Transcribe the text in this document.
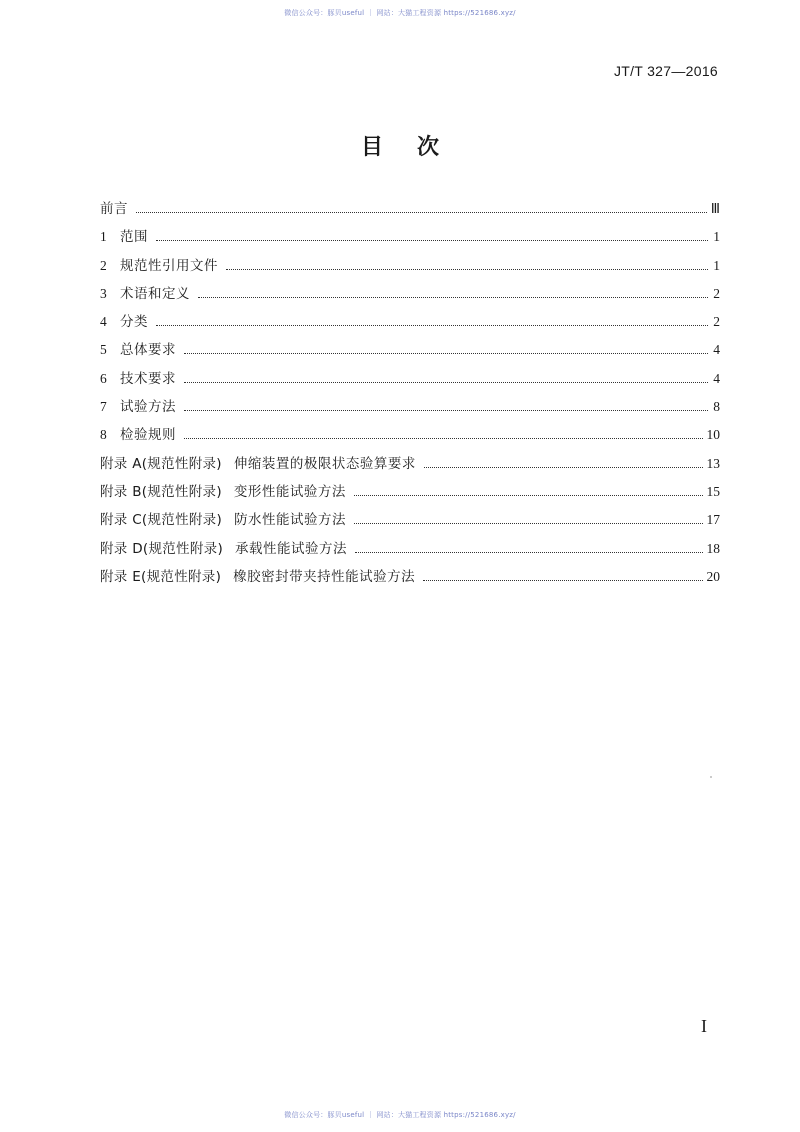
微信公众号：豚贝useful ｜ 网站：大猫工程资源 https://521686.xyz/
JT/T 327—2016
目次
前言	Ⅲ
1 范围	1
2 规范性引用文件	1
3 术语和定义	2
4 分类	2
5 总体要求	4
6 技术要求	4
7 试验方法	8
8 检验规则	10
附录 A(规范性附录) 伸缩装置的极限状态验算要求	13
附录 B(规范性附录) 变形性能试验方法	15
附录 C(规范性附录) 防水性能试验方法	17
附录 D(规范性附录) 承载性能试验方法	18
附录 E(规范性附录) 橡胶密封带夹持性能试验方法	20
I
微信公众号：豚贝useful ｜ 网站：大猫工程资源 https://521686.xyz/
